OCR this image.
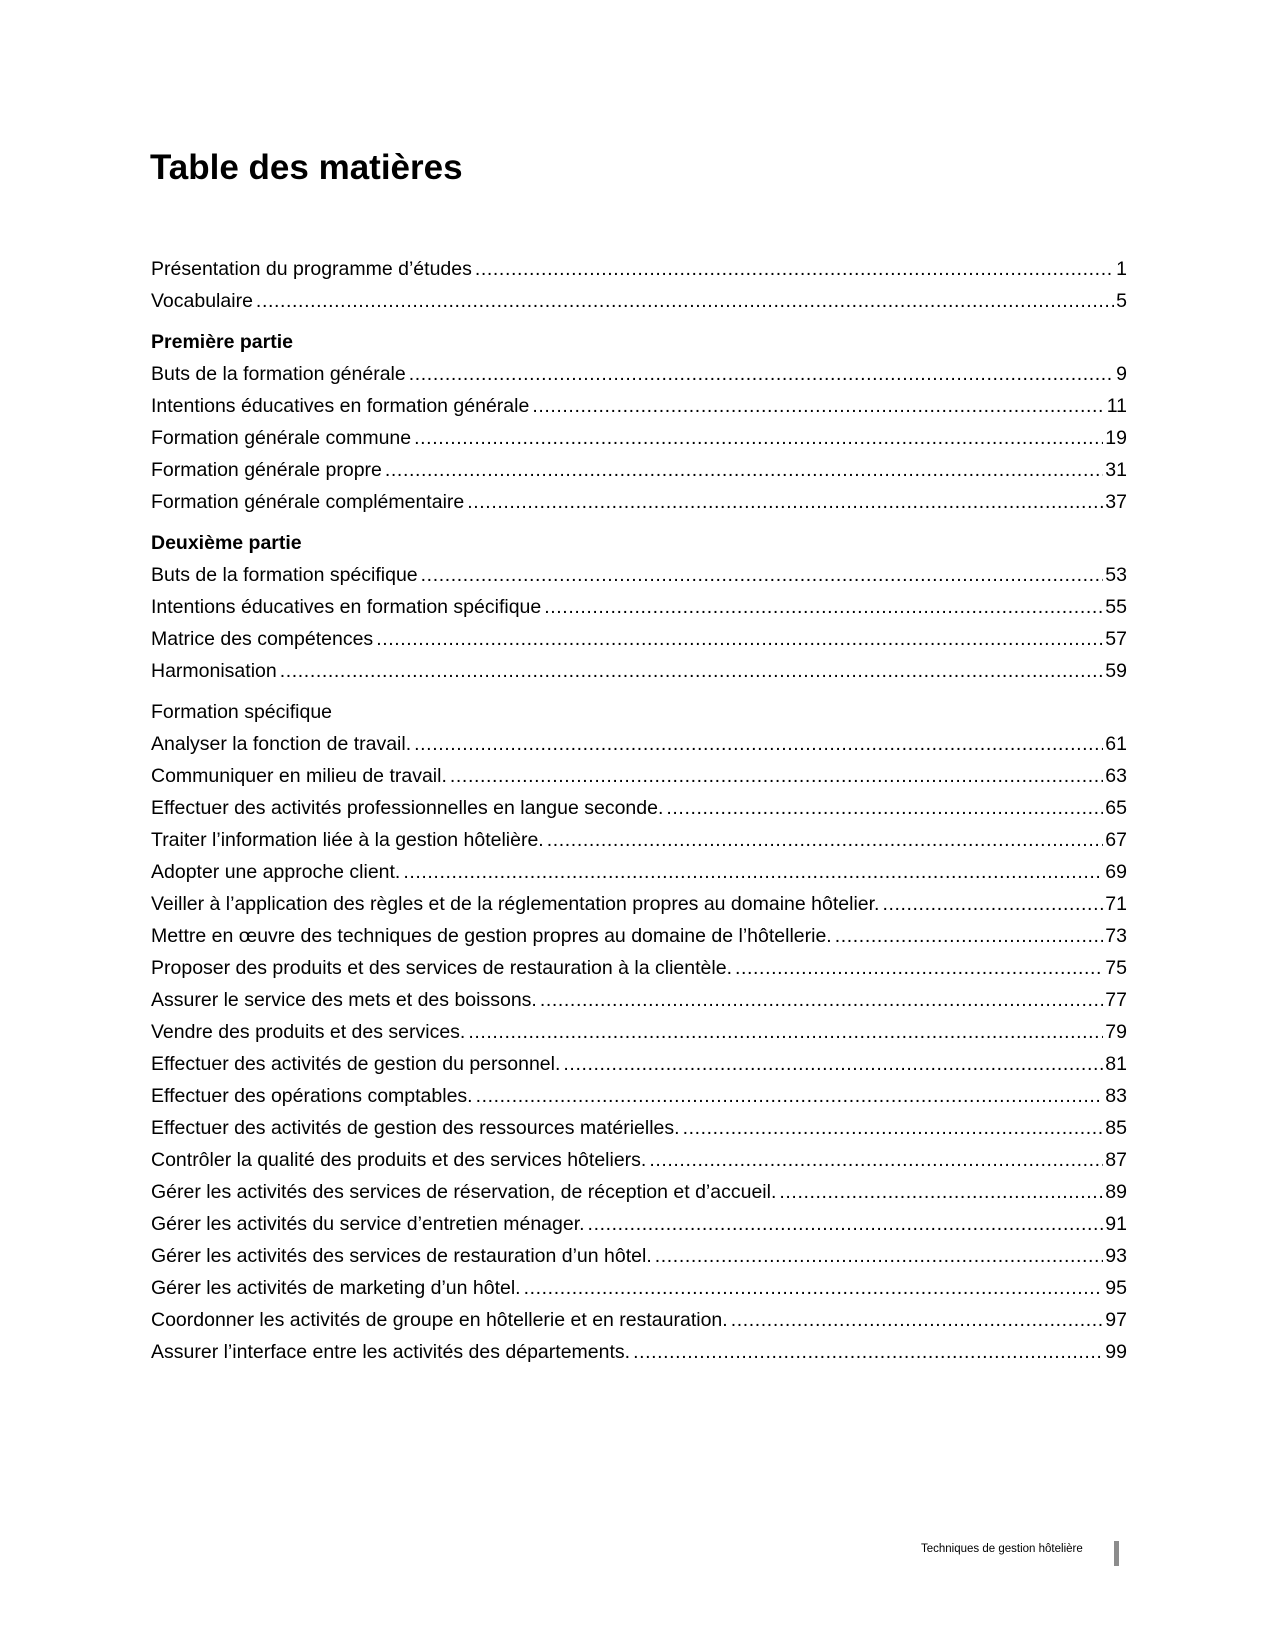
Table des matières
Présentation du programme d’études .....	1
Vocabulaire .....	5
Première partie
Buts de la formation générale .....	9
Intentions éducatives en formation générale .....	11
Formation générale commune .....	19
Formation générale propre .....	31
Formation générale complémentaire .....	37
Deuxième partie
Buts de la formation spécifique .....	53
Intentions éducatives en formation spécifique .....	55
Matrice des compétences .....	57
Harmonisation .....	59
Formation spécifique
Analyser la fonction de travail. .....	61
Communiquer en milieu de travail. .....	63
Effectuer des activités professionnelles en langue seconde. .....	65
Traiter l’information liée à la gestion hôtelière. .....	67
Adopter une approche client. .....	69
Veiller à l’application des règles et de la réglementation propres au domaine hôtelier. .....	71
Mettre en œuvre des techniques de gestion propres au domaine de l’hôtellerie. .....	73
Proposer des produits et des services de restauration à la clientèle. .....	75
Assurer le service des mets et des boissons. .....	77
Vendre des produits et des services. .....	79
Effectuer des activités de gestion du personnel. .....	81
Effectuer des opérations comptables. .....	83
Effectuer des activités de gestion des ressources matérielles. .....	85
Contrôler la qualité des produits et des services hôteliers. .....	87
Gérer les activités des services de réservation, de réception et d’accueil. .....	89
Gérer les activités du service d’entretien ménager. .....	91
Gérer les activités des services de restauration d’un hôtel. .....	93
Gérer les activités de marketing d’un hôtel. .....	95
Coordonner les activités de groupe en hôtellerie et en restauration. .....	97
Assurer l’interface entre les activités des départements. .....	99
Techniques de gestion hôtelière
